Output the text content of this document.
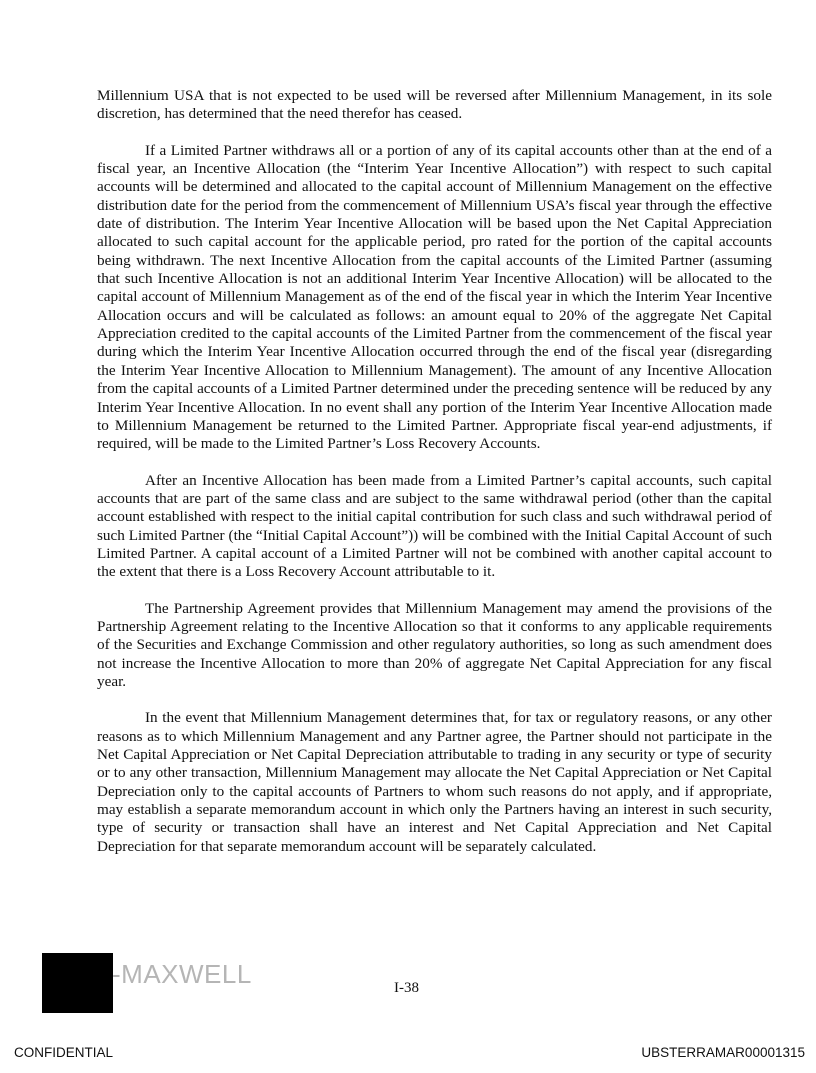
Millennium USA that is not expected to be used will be reversed after Millennium Management, in its sole discretion, has determined that the need therefor has ceased.

If a Limited Partner withdraws all or a portion of any of its capital accounts other than at the end of a fiscal year, an Incentive Allocation (the “Interim Year Incentive Allocation”) with respect to such capital accounts will be determined and allocated to the capital account of Millennium Management on the effective distribution date for the period from the commencement of Millennium USA’s fiscal year through the effective date of distribution. The Interim Year Incentive Allocation will be based upon the Net Capital Appreciation allocated to such capital account for the applicable period, pro rated for the portion of the capital accounts being withdrawn. The next Incentive Allocation from the capital accounts of the Limited Partner (assuming that such Incentive Allocation is not an additional Interim Year Incentive Allocation) will be allocated to the capital account of Millennium Management as of the end of the fiscal year in which the Interim Year Incentive Allocation occurs and will be calculated as follows: an amount equal to 20% of the aggregate Net Capital Appreciation credited to the capital accounts of the Limited Partner from the commencement of the fiscal year during which the Interim Year Incentive Allocation occurred through the end of the fiscal year (disregarding the Interim Year Incentive Allocation to Millennium Management). The amount of any Incentive Allocation from the capital accounts of a Limited Partner determined under the preceding sentence will be reduced by any Interim Year Incentive Allocation. In no event shall any portion of the Interim Year Incentive Allocation made to Millennium Management be returned to the Limited Partner. Appropriate fiscal year-end adjustments, if required, will be made to the Limited Partner’s Loss Recovery Accounts.

After an Incentive Allocation has been made from a Limited Partner’s capital accounts, such capital accounts that are part of the same class and are subject to the same withdrawal period (other than the capital account established with respect to the initial capital contribution for such class and such withdrawal period of such Limited Partner (the “Initial Capital Account”)) will be combined with the Initial Capital Account of such Limited Partner. A capital account of a Limited Partner will not be combined with another capital account to the extent that there is a Loss Recovery Account attributable to it.

The Partnership Agreement provides that Millennium Management may amend the provisions of the Partnership Agreement relating to the Incentive Allocation so that it conforms to any applicable requirements of the Securities and Exchange Commission and other regulatory authorities, so long as such amendment does not increase the Incentive Allocation to more than 20% of aggregate Net Capital Appreciation for any fiscal year.

In the event that Millennium Management determines that, for tax or regulatory reasons, or any other reasons as to which Millennium Management and any Partner agree, the Partner should not participate in the Net Capital Appreciation or Net Capital Depreciation attributable to trading in any security or type of security or to any other transaction, Millennium Management may allocate the Net Capital Appreciation or Net Capital Depreciation only to the capital accounts of Partners to whom such reasons do not apply, and if appropriate, may establish a separate memorandum account in which only the Partners having an interest in such security, type of security or transaction shall have an interest and Net Capital Appreciation and Net Capital Depreciation for that separate memorandum account will be separately calculated.

-MAXWELL	I-38
CONFIDENTIAL	UBSTERRAMAR00001315
